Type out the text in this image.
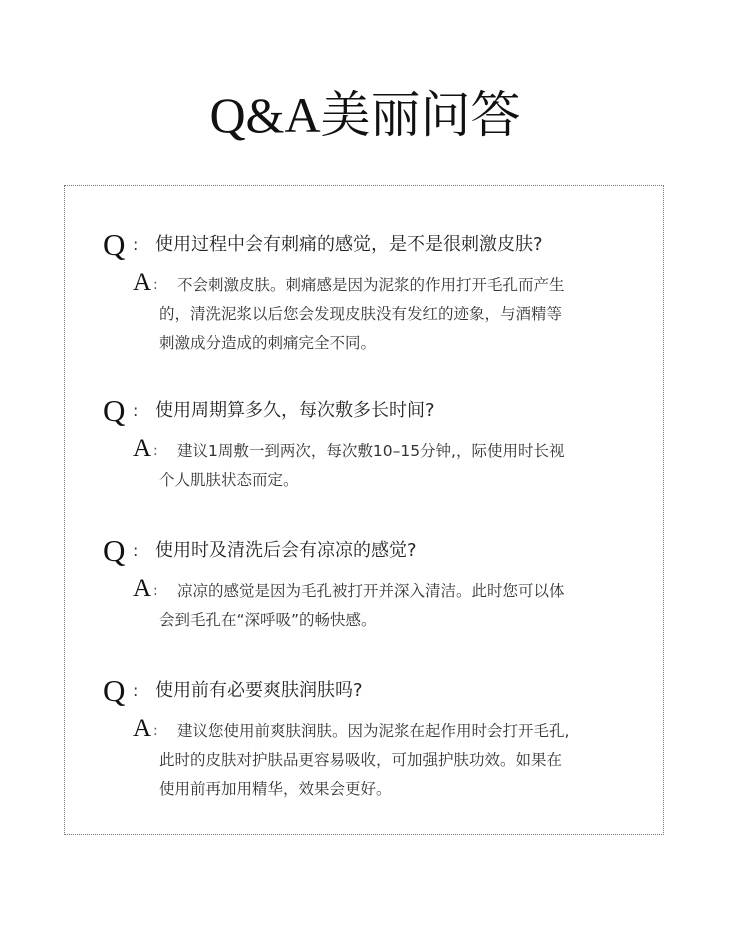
Q&A美丽问答
Q : 使用过程中会有刺痛的感觉，是不是很刺激皮肤?
A : 不会刺激皮肤。刺痛感是因为泥浆的作用打开毛孔而产生
的，清洗泥浆以后您会发现皮肤没有发红的迹象，与酒精等
刺激成分造成的刺痛完全不同。
Q : 使用周期算多久，每次敷多长时间?
A : 建议1周敷一到两次，每次敷10–15分钟,，际使用时长视
个人肌肤状态而定。
Q : 使用时及清洗后会有凉凉的感觉?
A : 凉凉的感觉是因为毛孔被打开并深入清洁。此时您可以体
会到毛孔在“深呼吸”的畅快感。
Q : 使用前有必要爽肤润肤吗?
A : 建议您使用前爽肤润肤。因为泥浆在起作用时会打开毛孔,
此时的皮肤对护肤品更容易吸收，可加强护肤功效。如果在
使用前再加用精华，效果会更好。
